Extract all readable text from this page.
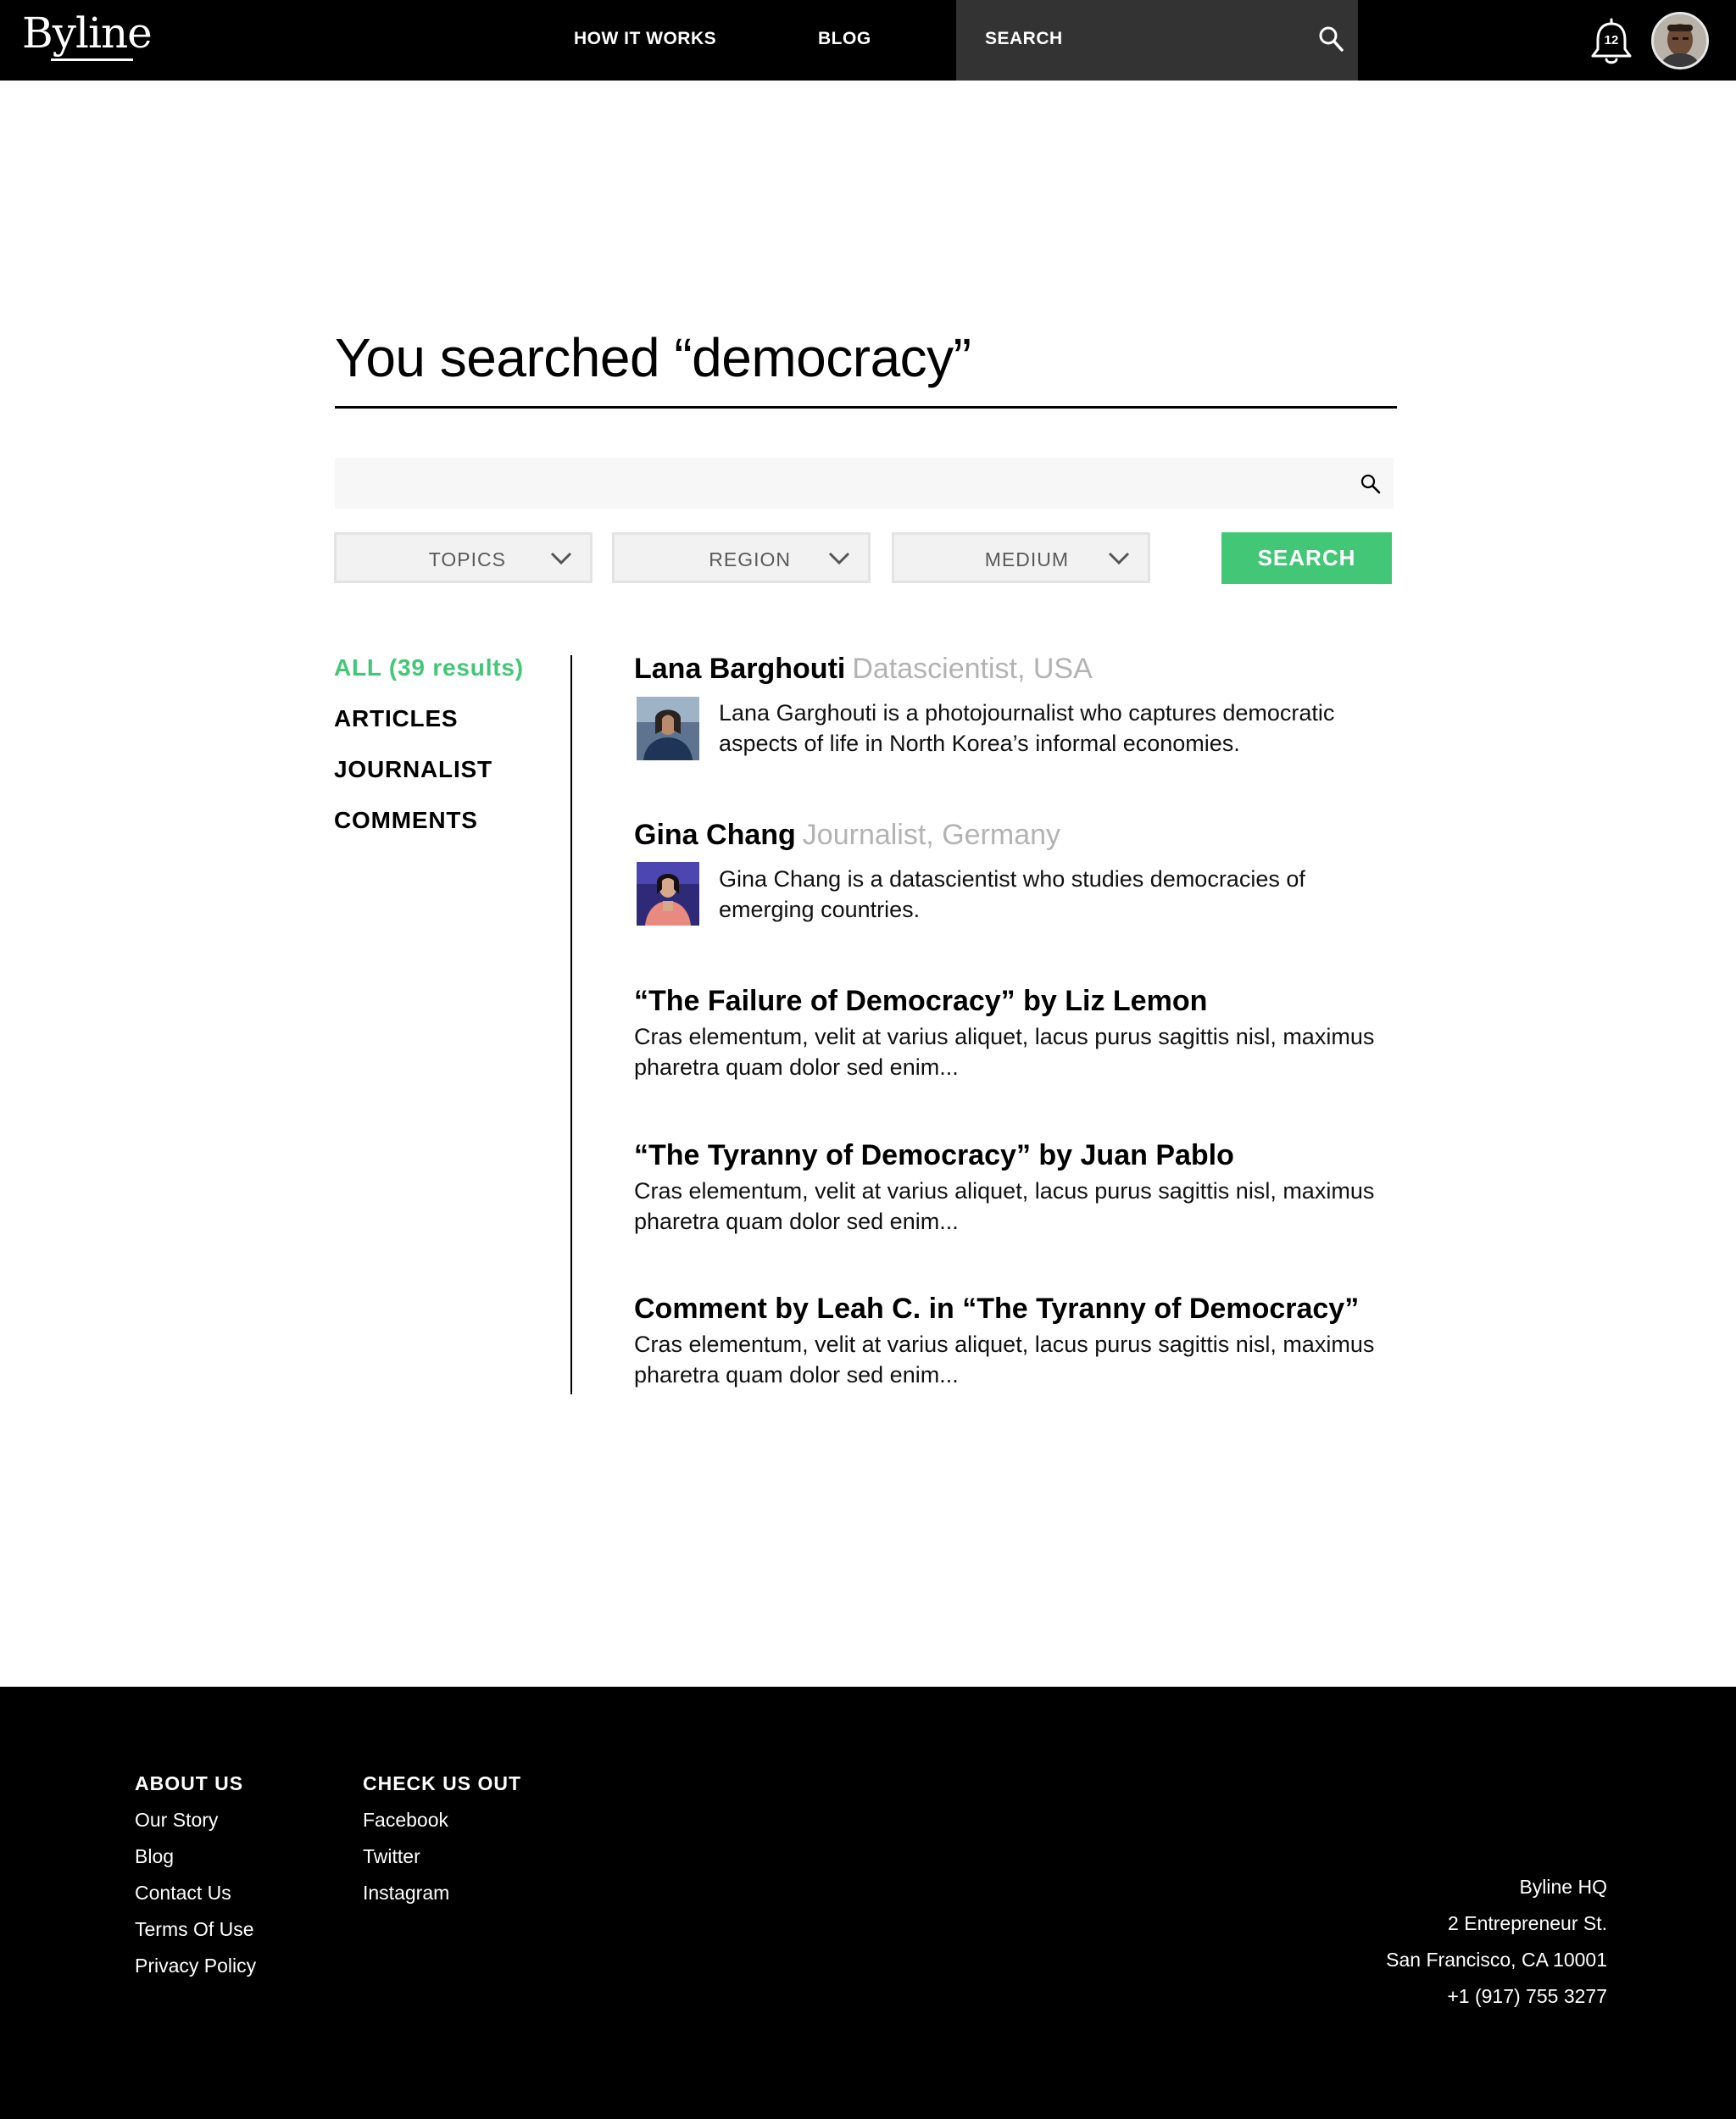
Byline	HOW IT WORKS	BLOG	SEARCH	12
You searched “democracy”
TOPICS	REGION	MEDIUM	SEARCH
ALL (39 results)
ARTICLES
JOURNALIST
COMMENTS
Lana Barghouti Datascientist, USA

Lana Garghouti is a photojournalist who captures democratic aspects of life in North Korea’s informal economies.

Gina Chang Journalist, Germany

Gina Chang is a datascientist who studies democracies of emerging countries.

“The Failure of Democracy” by Liz Lemon

Cras elementum, velit at varius aliquet, lacus purus sagittis nisl, maximus pharetra quam dolor sed enim...

“The Tyranny of Democracy” by Juan Pablo

Cras elementum, velit at varius aliquet, lacus purus sagittis nisl, maximus pharetra quam dolor sed enim...

Comment by Leah C. in “The Tyranny of Democracy”

Cras elementum, velit at varius aliquet, lacus purus sagittis nisl, maximus pharetra quam dolor sed enim...

ABOUT US
Our Story
Blog
Contact Us
Terms Of Use
Privacy Policy
CHECK US OUT
Facebook
Twitter
Instagram	Byline HQ
2 Entrepreneur St.
San Francisco, CA 10001
+1 (917) 755 3277
